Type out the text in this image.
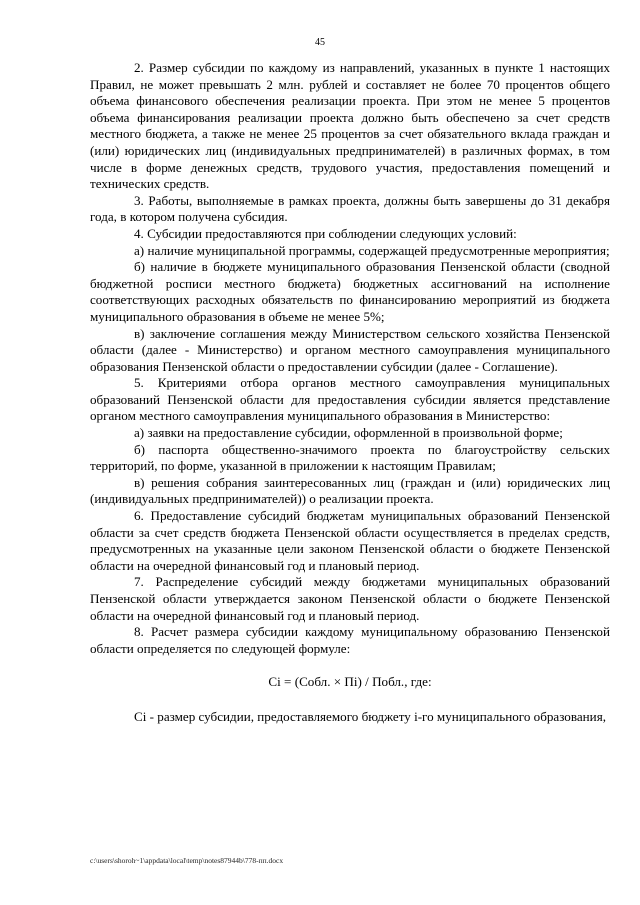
45

2. Размер субсидии по каждому из направлений, указанных в пункте 1 настоящих Правил, не может превышать 2 млн. рублей и составляет не более 70 процентов общего объема финансового обеспечения реализации проекта. При этом не менее 5 процентов объема финансирования реализации проекта должно быть обеспечено за счет средств местного бюджета, а также не менее 25 процентов за счет обязательного вклада граждан и (или) юридических лиц (индивидуальных предпринимателей) в различных формах, в том числе в форме денежных средств, трудового участия, предоставления помещений и технических средств.

3. Работы, выполняемые в рамках проекта, должны быть завершены до 31 декабря года, в котором получена субсидия.

4. Субсидии предоставляются при соблюдении следующих условий:

а) наличие муниципальной программы, содержащей предусмотренные мероприятия;

б) наличие в бюджете муниципального образования Пензенской области (сводной бюджетной росписи местного бюджета) бюджетных ассигнований на исполнение соответствующих расходных обязательств по финансированию мероприятий из бюджета муниципального образования в объеме не менее 5%;

в) заключение соглашения между Министерством сельского хозяйства Пензенской области (далее - Министерство) и органом местного самоуправления муниципального образования Пензенской области о предоставлении субсидии (далее - Соглашение).

5. Критериями отбора органов местного самоуправления муниципальных образований Пензенской области для предоставления субсидии является представление органом местного самоуправления муниципального образования в Министерство:

а) заявки на предоставление субсидии, оформленной в произвольной форме;

б) паспорта общественно-значимого проекта по благоустройству сельских территорий, по форме, указанной в приложении к настоящим Правилам;

в) решения собрания заинтересованных лиц (граждан и (или) юридических лиц (индивидуальных предпринимателей)) о реализации проекта.

6. Предоставление субсидий бюджетам муниципальных образований Пензенской области за счет средств бюджета Пензенской области осуществляется в пределах средств, предусмотренных на указанные цели законом Пензенской области о бюджете Пензенской области на очередной финансовый год и плановый период.

7. Распределение субсидий между бюджетами муниципальных образований Пензенской области утверждается законом Пензенской области о бюджете Пензенской области на очередной финансовый год и плановый период.

8. Расчет размера субсидии каждому муниципальному образованию Пензенской области определяется по следующей формуле:

Ci = (Собл. × Пi) / Побл., где:

Ci - размер субсидии, предоставляемого бюджету i-го муниципального образования,

c:\users\shoroh~1\appdata\local\temp\notes87944b\778-пп.docx
